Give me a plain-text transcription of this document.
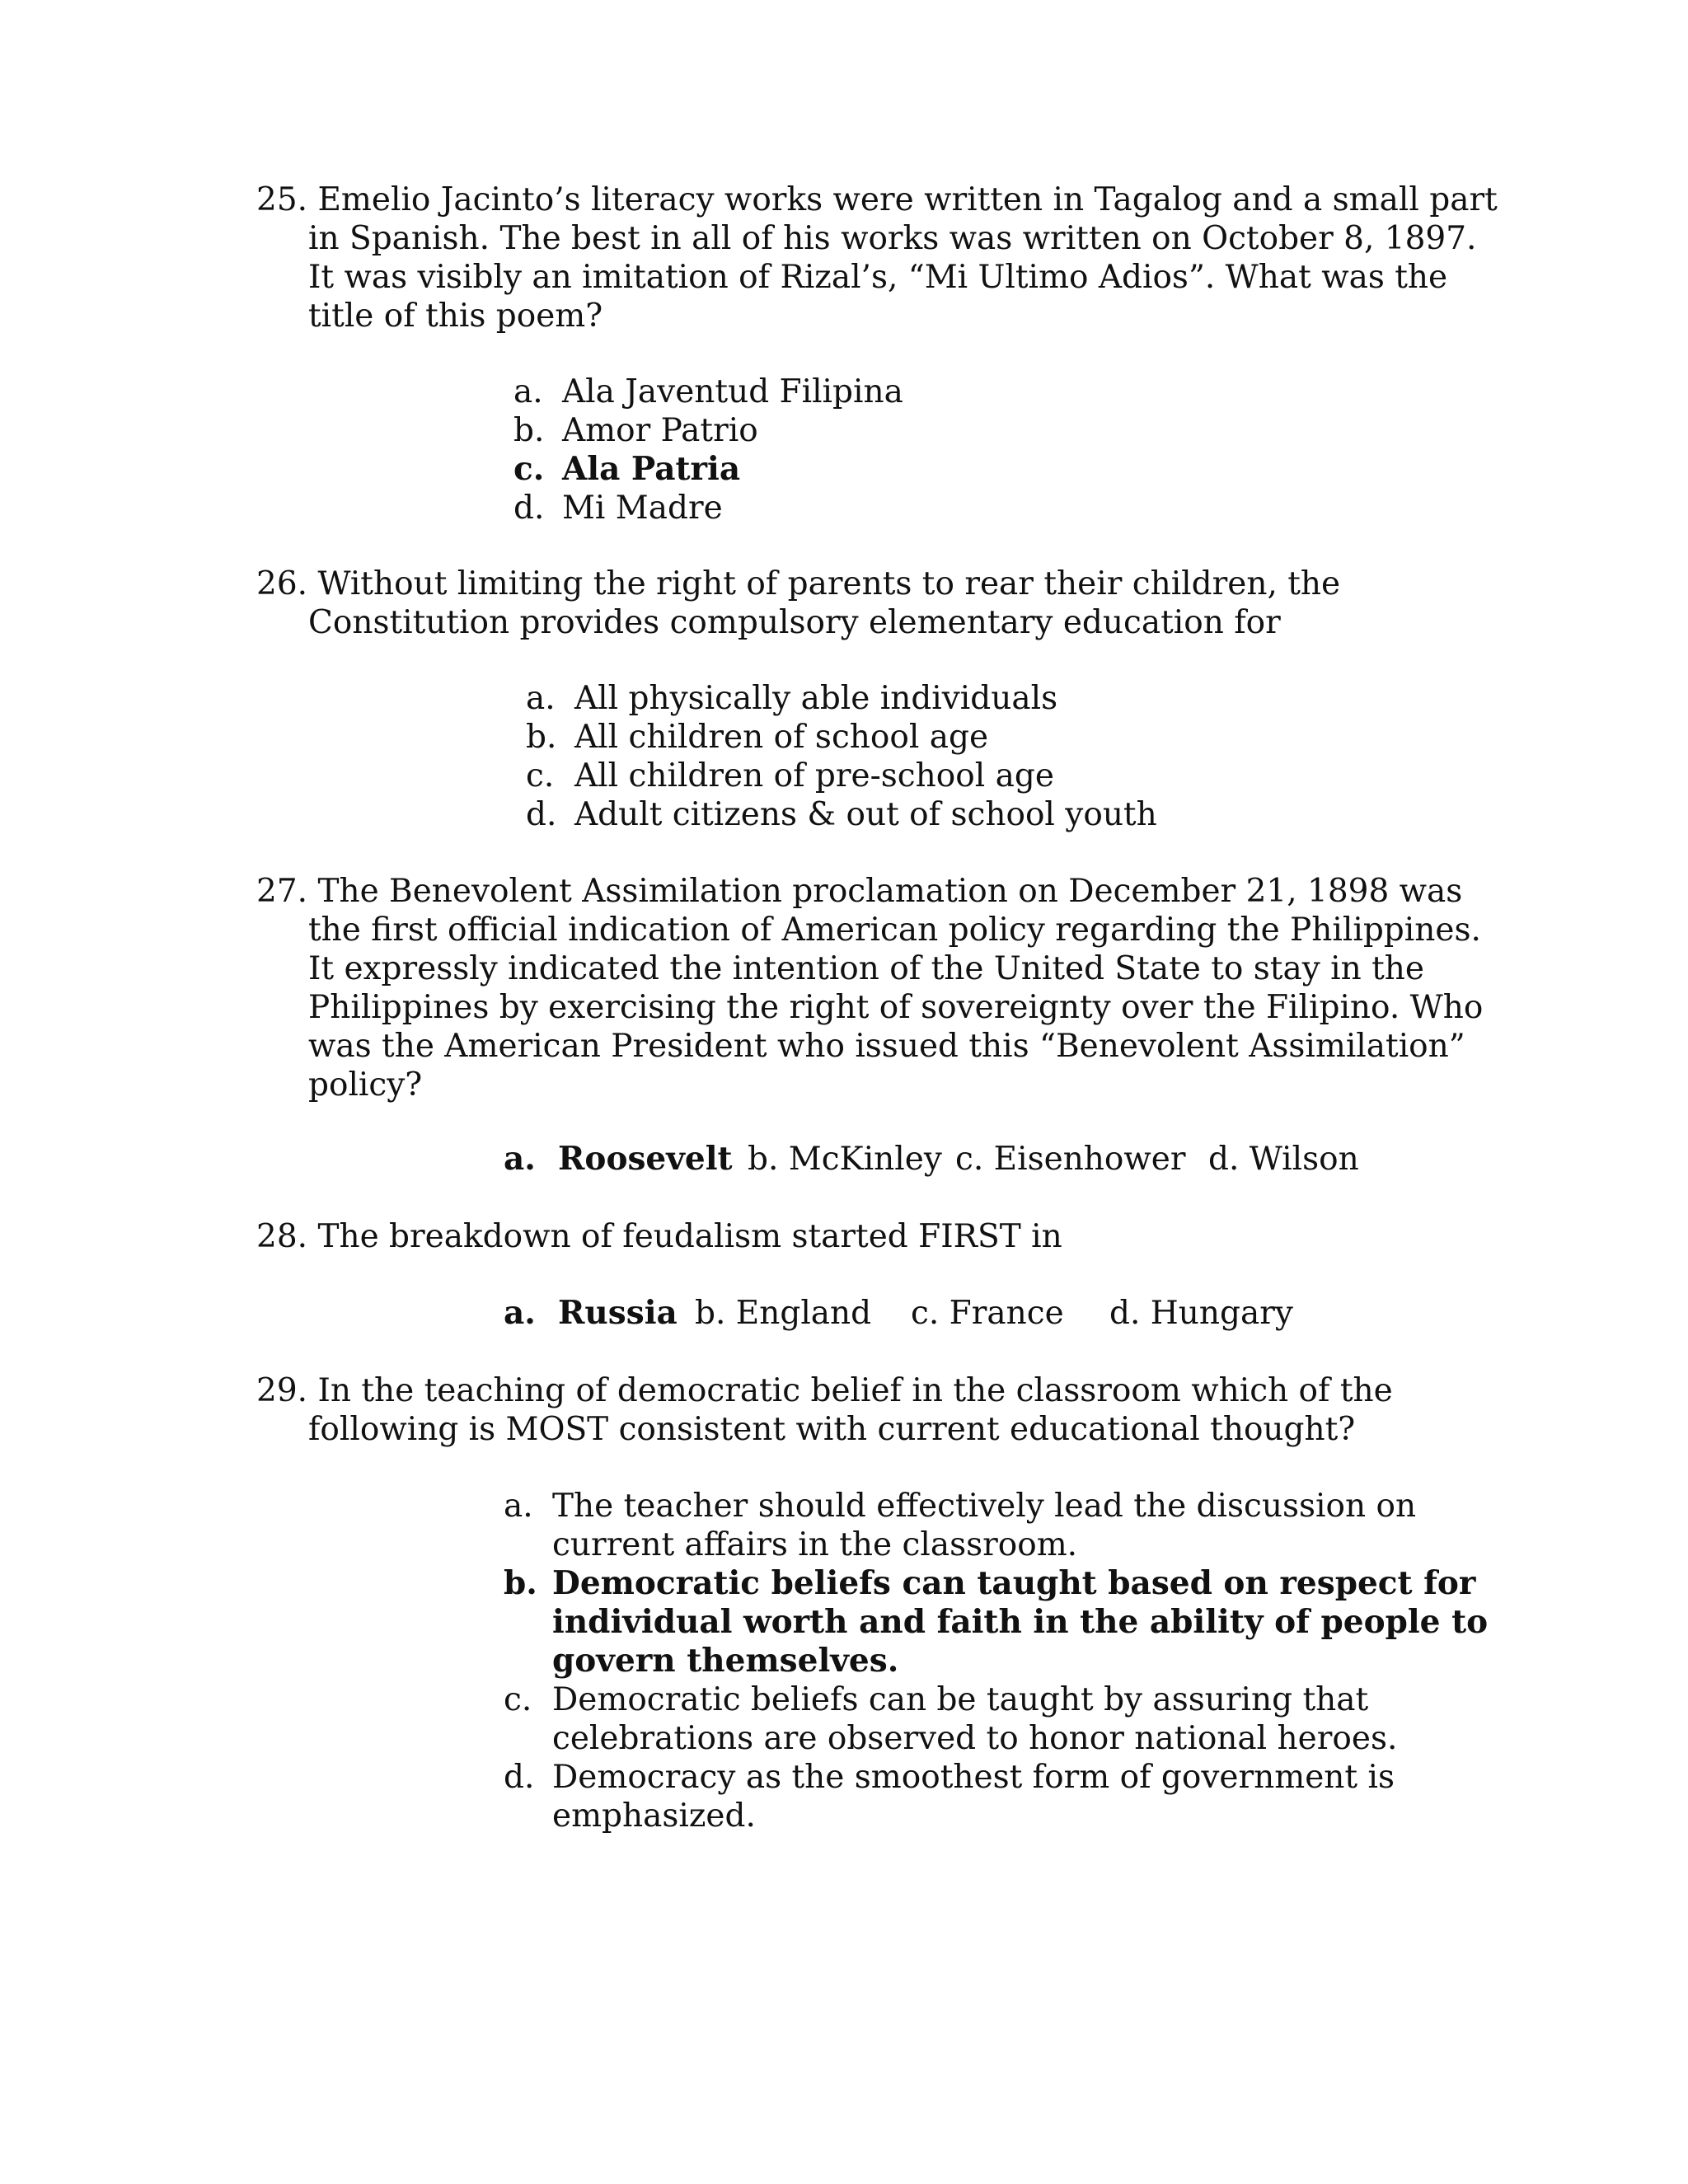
25. Emelio Jacinto’s literacy works were written in Tagalog and a small part
in Spanish. The best in all of his works was written on October 8, 1897.
It was visibly an imitation of Rizal’s, “Mi Ultimo Adios”. What was the
title of this poem?
a. Ala Javentud Filipina
b. Amor Patrio
c. Ala Patria
d. Mi Madre
26. Without limiting the right of parents to rear their children, the
Constitution provides compulsory elementary education for
a. All physically able individuals
b. All children of school age
c. All children of pre-school age
d. Adult citizens & out of school youth
27. The Benevolent Assimilation proclamation on December 21, 1898 was
the first official indication of American policy regarding the Philippines.
It expressly indicated the intention of the United State to stay in the
Philippines by exercising the right of sovereignty over the Filipino. Who
was the American President who issued this “Benevolent Assimilation”
policy?
a. Roosevelt b. McKinley c. Eisenhower d. Wilson
28. The breakdown of feudalism started FIRST in
a. Russia b. England c. France d. Hungary
29. In the teaching of democratic belief in the classroom which of the
following is MOST consistent with current educational thought?
a. The teacher should effectively lead the discussion on
current affairs in the classroom.
b. Democratic beliefs can taught based on respect for
individual worth and faith in the ability of people to
govern themselves.
c. Democratic beliefs can be taught by assuring that
celebrations are observed to honor national heroes.
d. Democracy as the smoothest form of government is
emphasized.
